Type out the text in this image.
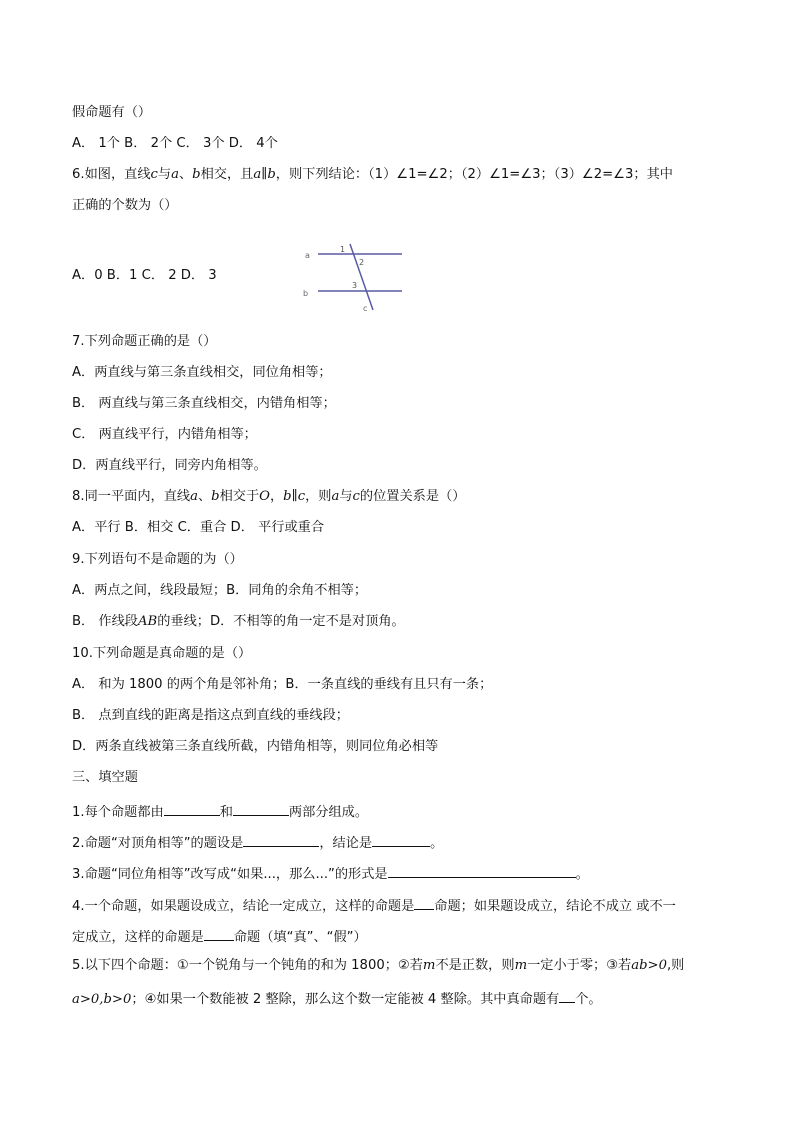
假命题有（）
A． 1个 B． 2个 C． 3个 D． 4个
6.如图，直线c与a、b相交，且a∥b，则下列结论：（1）∠1=∠2；（2）∠1=∠3；（3）∠2=∠3；其中
正确的个数为（）
A．0 B．1 C． 2 D． 3
a
b
c
1
2
3
7.下列命题正确的是（）
A．两直线与第三条直线相交，同位角相等；
B． 两直线与第三条直线相交，内错角相等；
C． 两直线平行，内错角相等；
D．两直线平行，同旁内角相等。
8.同一平面内，直线a、b相交于O，b∥c，则a与c的位置关系是（）
A．平行 B．相交 C．重合 D． 平行或重合
9.下列语句不是命题的为（）
A．两点之间，线段最短；B．同角的余角不相等；
B． 作线段AB的垂线；D．不相等的角一定不是对顶角。
10.下列命题是真命题的是（）
A． 和为 1800 的两个角是邻补角；B．一条直线的垂线有且只有一条；
B． 点到直线的距离是指这点到直线的垂线段；
D．两条直线被第三条直线所截，内错角相等，则同位角必相等
三、填空题
1.每个命题都由	和	两部分组成。
2.命题“对顶角相等”的题设是	，结论是	。
3.命题“同位角相等”改写成“如果...，那么...”的形式是	。
4.一个命题，如果题设成立，结论一定成立，这样的命题是 命题；如果题设成立，结论不成立 或不一
定成立，这样的命题是 命题（填“真”、“假”）
5.以下四个命题：①一个锐角与一个钝角的和为 1800；②若m不是正数，则m一定小于零；③若ab>0,则
a>0,b>0；④如果一个数能被 2 整除，那么这个数一定能被 4 整除。其中真命题有 个。
